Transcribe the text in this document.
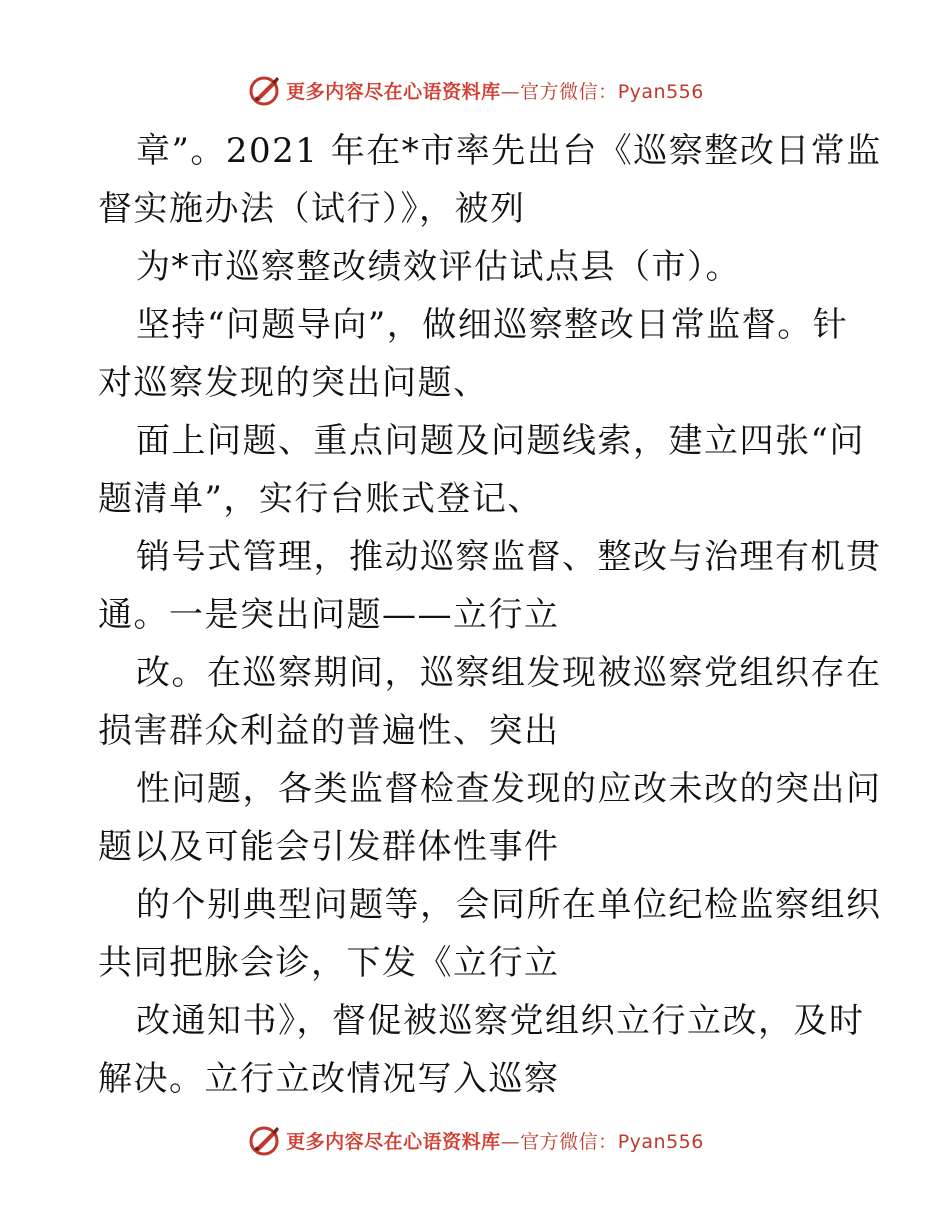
更多内容尽在心语资料库—官方微信：Pyan556
章”。2021 年在*市率先出台《巡察整改日常监
督实施办法（试行）》，被列
为*市巡察整改绩效评估试点县（市）。
坚持“问题导向”，做细巡察整改日常监督。针
对巡察发现的突出问题、
面上问题、重点问题及问题线索，建立四张“问
题清单”，实行台账式登记、
销号式管理，推动巡察监督、整改与治理有机贯
通。一是突出问题——立行立
改。在巡察期间，巡察组发现被巡察党组织存在
损害群众利益的普遍性、突出
性问题，各类监督检查发现的应改未改的突出问
题以及可能会引发群体性事件
的个别典型问题等，会同所在单位纪检监察组织
共同把脉会诊，下发《立行立
改通知书》，督促被巡察党组织立行立改，及时
解决。立行立改情况写入巡察
更多内容尽在心语资料库—官方微信：Pyan556
